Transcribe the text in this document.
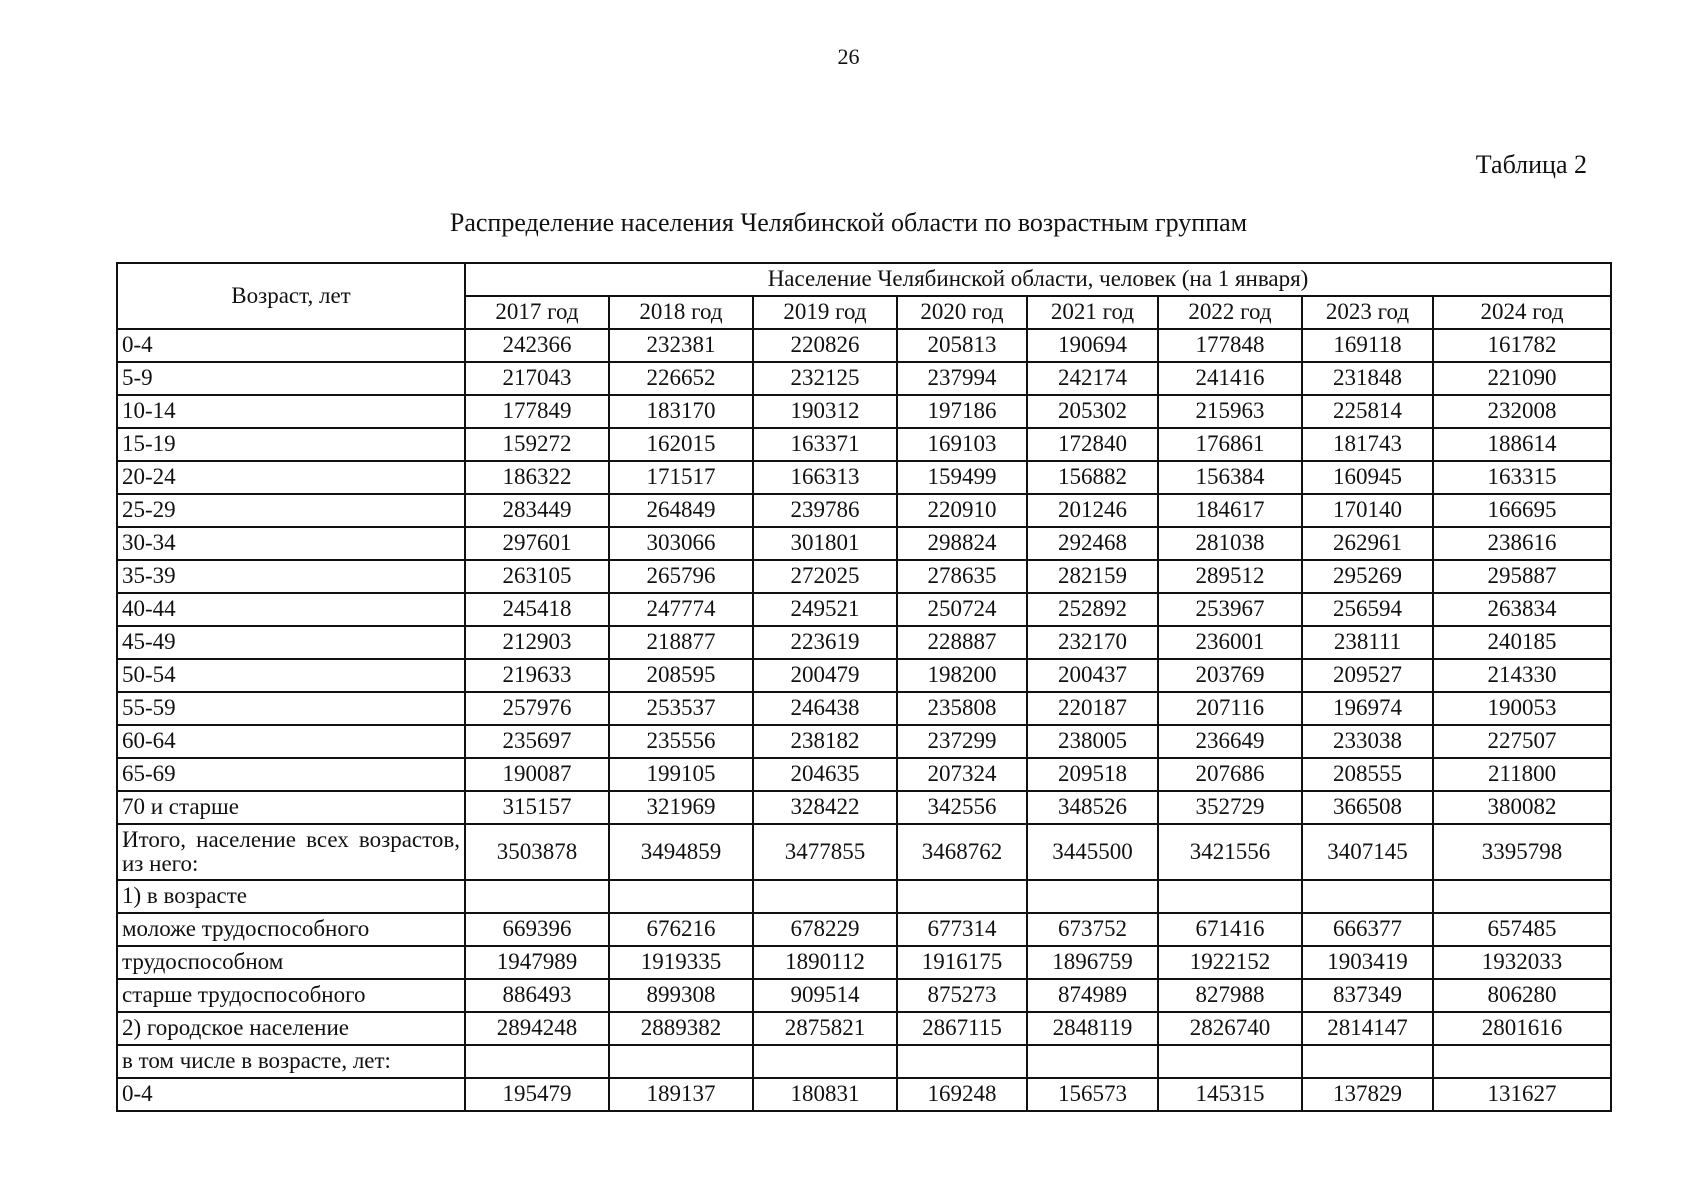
26
Таблица 2
Распределение населения Челябинской области по возрастным группам
Возраст, лет	Население Челябинской области, человек (на 1 января)							
	2017 год	2018 год	2019 год	2020 год	2021 год	2022 год	2023 год	2024 год
0-4	242366	232381	220826	205813	190694	177848	169118	161782
5-9	217043	226652	232125	237994	242174	241416	231848	221090
10-14	177849	183170	190312	197186	205302	215963	225814	232008
15-19	159272	162015	163371	169103	172840	176861	181743	188614
20-24	186322	171517	166313	159499	156882	156384	160945	163315
25-29	283449	264849	239786	220910	201246	184617	170140	166695
30-34	297601	303066	301801	298824	292468	281038	262961	238616
35-39	263105	265796	272025	278635	282159	289512	295269	295887
40-44	245418	247774	249521	250724	252892	253967	256594	263834
45-49	212903	218877	223619	228887	232170	236001	238111	240185
50-54	219633	208595	200479	198200	200437	203769	209527	214330
55-59	257976	253537	246438	235808	220187	207116	196974	190053
60-64	235697	235556	238182	237299	238005	236649	233038	227507
65-69	190087	199105	204635	207324	209518	207686	208555	211800
70 и старше	315157	321969	328422	342556	348526	352729	366508	380082
Итого, население всех возрастов, из него:	3503878	3494859	3477855	3468762	3445500	3421556	3407145	3395798
1) в возрасте								
моложе трудоспособного	669396	676216	678229	677314	673752	671416	666377	657485
трудоспособном	1947989	1919335	1890112	1916175	1896759	1922152	1903419	1932033
старше трудоспособного	886493	899308	909514	875273	874989	827988	837349	806280
2) городское население	2894248	2889382	2875821	2867115	2848119	2826740	2814147	2801616
в том числе в возрасте, лет:								
0-4	195479	189137	180831	169248	156573	145315	137829	131627
